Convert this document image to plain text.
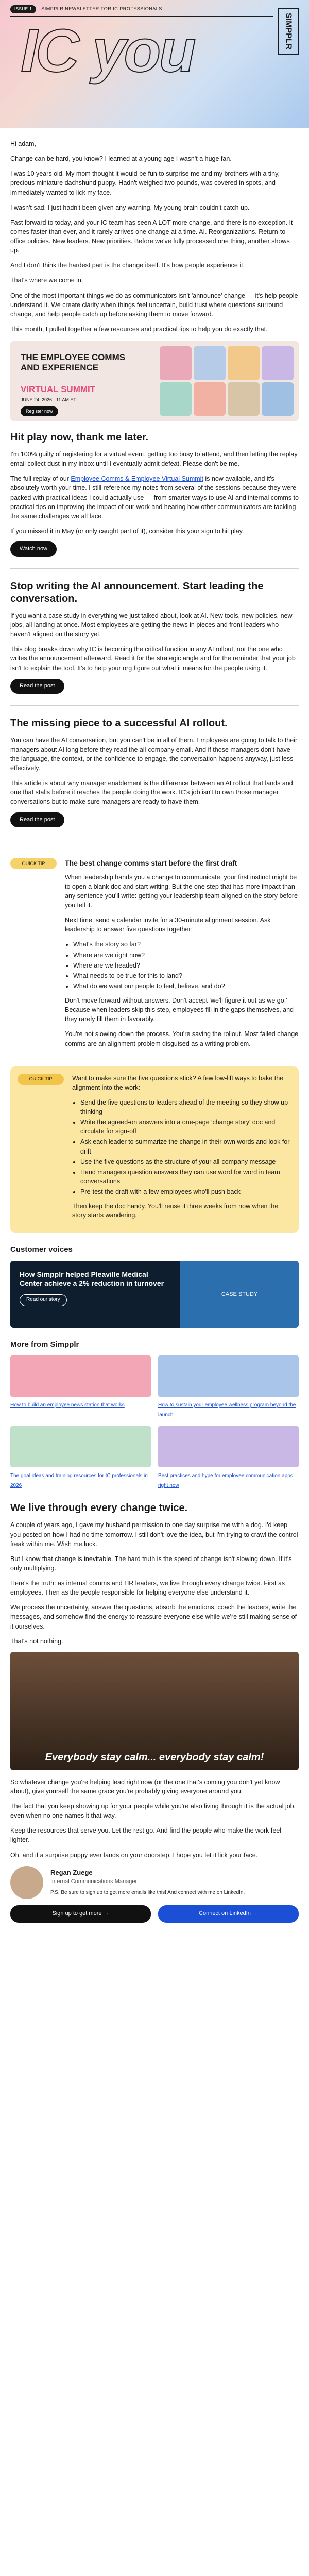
ISSUE 1	SIMPPLR NEWSLETTER FOR IC PROFESSIONALS
IC you	SIMPPLR

Hi adam,

Change can be hard, you know? I learned at a young age I wasn't a huge fan.

I was 10 years old. My mom thought it would be fun to surprise me and my brothers with a tiny, precious miniature dachshund puppy. Hadn't weighed two pounds, was covered in spots, and immediately wanted to lick my face.

I wasn't sad. I just hadn't been given any warning. My young brain couldn't catch up.

Fast forward to today, and your IC team has seen A LOT more change, and there is no exception. It comes faster than ever, and it rarely arrives one change at a time. AI. Reorganizations. Return-to-office policies. New leaders. New priorities. Before we've fully processed one thing, another shows up.

And I don't think the hardest part is the change itself. It's how people experience it.

That's where we come in.

One of the most important things we do as communicators isn't 'announce' change — it's help people understand it. We create clarity when things feel uncertain, build trust where questions surround change, and help people catch up before asking them to move forward.

This month, I pulled together a few resources and practical tips to help you do exactly that.

THE EMPLOYEE COMMS AND EXPERIENCE
VIRTUAL SUMMIT
JUNE 24, 2026 · 11 AM ET
Register now
Hit play now, thank me later.

I'm 100% guilty of registering for a virtual event, getting too busy to attend, and then letting the replay email collect dust in my inbox until I eventually admit defeat. Please don't be me.

The full replay of our Employee Comms & Employee Virtual Summit is now available, and it's absolutely worth your time. I still reference my notes from several of the sessions because they were packed with practical ideas I could actually use — from smarter ways to use AI and internal comms to practical tips on improving the impact of our work and hearing how other communicators are tackling the same challenges we all face.

If you missed it in May (or only caught part of it), consider this your sign to hit play.

Watch now
Stop writing the AI announcement. Start leading the conversation.

If you want a case study in everything we just talked about, look at AI. New tools, new policies, new jobs, all landing at once. Most employees are getting the news in pieces and front leaders who haven't aligned on the story yet.

This blog breaks down why IC is becoming the critical function in any AI rollout, not the one who writes the announcement afterward. Read it for the strategic angle and for the reminder that your job isn't to explain the tool. It's to help your org figure out what it means for the people using it.

Read the post
The missing piece to a successful AI rollout.

You can have the AI conversation, but you can't be in all of them. Employees are going to talk to their managers about AI long before they read the all-company email. And if those managers don't have the language, the context, or the confidence to engage, the conversation happens anyway, just less effectively.

This article is about why manager enablement is the difference between an AI rollout that lands and one that stalls before it reaches the people doing the work. IC's job isn't to own those manager conversations but to make sure managers are ready to have them.

Read the post
QUICK TIP	The best change comms start before the first draft

When leadership hands you a change to communicate, your first instinct might be to open a blank doc and start writing. But the one step that has more impact than any sentence you'll write: getting your leadership team aligned on the story before you tell it.

Next time, send a calendar invite for a 30-minute alignment session. Ask leadership to answer five questions together:

• What's the story so far?
• Where are we right now?
• Where are we headed?
• What needs to be true for this to land?
• What do we want our people to feel, believe, and do?

Don't move forward without answers. Don't accept 'we'll figure it out as we go.' Because when leaders skip this step, employees fill in the gaps themselves, and they rarely fill them in favorably.

You're not slowing down the process. You're saving the rollout. Most failed change comms are an alignment problem disguised as a writing problem.

QUICK TIP	Want to make sure the five questions stick? A few low-lift ways to bake the alignment into the work:

• Send the five questions to leaders ahead of the meeting so they show up thinking
• Write the agreed-on answers into a one-page 'change story' doc and circulate for sign-off
• Ask each leader to summarize the change in their own words and look for drift
• Use the five questions as the structure of your all-company message
• Hand managers question answers they can use word for word in team conversations
• Pre-test the draft with a few employees who'll push back

Then keep the doc handy. You'll reuse it three weeks from now when the story starts wandering.

Customer voices
How Simpplr helped Pleaville Medical Center achieve a 2% reduction in turnover
Read our story
CASE STUDY
More from Simpplr
How to build an employee news station that works	How to sustain your employee wellness program beyond the launch
The goal ideas and training resources for IC professionals in 2026
Best practices and hype for employee communication apps right now
We live through every change twice.

A couple of years ago, I gave my husband permission to one day surprise me with a dog. I'd keep you posted on how I had no time tomorrow. I still don't love the idea, but I'm trying to crawl the control freak within me. Wish me luck.

But I know that change is inevitable. The hard truth is the speed of change isn't slowing down. If it's only multiplying.

Here's the truth: as internal comms and HR leaders, we live through every change twice. First as employees. Then as the people responsible for helping everyone else understand it.

We process the uncertainty, answer the questions, absorb the emotions, coach the leaders, write the messages, and somehow find the energy to reassure everyone else while we're still making sense of it ourselves.

That's not nothing.

Everybody stay calm... everybody stay calm!

So whatever change you're helping lead right now (or the one that's coming you don't yet know about), give yourself the same grace you're probably giving everyone around you.

The fact that you keep showing up for your people while you're also living through it is the actual job, even when no one names it that way.

Keep the resources that serve you. Let the rest go. And find the people who make the work feel lighter.

Oh, and if a surprise puppy ever lands on your doorstep, I hope you let it lick your face.

Regan Zuege
Internal Communications Manager
P.S. Be sure to sign up to get more emails like this! And connect with me on LinkedIn.
Sign up to get more →	Connect on LinkedIn →
